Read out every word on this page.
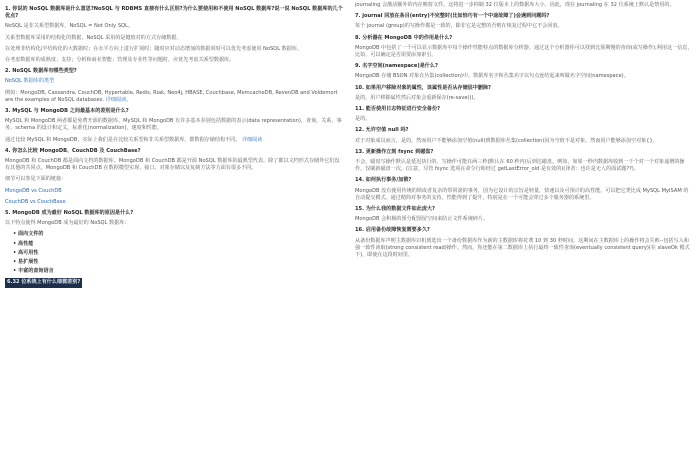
1. 你说的 NoSQL 数据库是什么意思?NoSQL 与 RDBMS 直接有什么区别?为什么要使用和不使用 NoSQL 数据库?说一说 NoSQL 数据库的几个优点?
NoSQL 是非关系型数据库，NoSQL = Not Only SQL。
关系型数据库采用的结构化的数据，NoSQL 采用的是键值对的方式存储数据。
在处理非结构化/半结构化的大数据时；在水平方向上进行扩展时；随时应对动态增加的数据项时可以优先考虑使用 NoSQL 数据库。
在考虑数据库的成熟度；支持；分析和商业智能；管理及专业性等问题时，应优先考虑关系型数据库。
2. NoSQL 数据库有哪些类型?
NoSQL 数据库的类型
例如：MongoDB, Cassandra, CouchDB, Hypertable, Redis, Riak, Neo4j, HBASE, Couchbase, MemcacheDB, RevenDB and Voldemort are the examples of NoSQL databases. 详细阅读。
3. MySQL 与 MongoDB 之间最基本的差别是什么?
MySQL 和 MongoDB 两者都是免费开源的数据库。MySQL 和 MongoDB 有许多基本差别包括数据的表示(data representation)，查询，关系，事务，schema 的设计和定义，标准化(normalization)，速度和性能。
通过比较 MySQL 和 MongoDB，实际上我们是在比较关系型和非关系型数据库，即数据存储结构不同。 详细阅读
4. 你怎么比较 MongoDB、CouchDB 及 CouchBase?
MongoDB 和 CouchDB 都是面向文档的数据库。MongoDB 和 CouchDB 都是开源 NoSQL 数据库的最典型代表。除了都以文档形式存储外它们没有其他的共同点。MongoDB 和 CouchDB 在数据模型实现、接口、对象存储以及复制方法等方面有很多不同。
细节可以参见下面的链接：
MongoDB vs CouchDB
CouchDB vs CouchBase
5. MongoDB 成为最好 NoSQL 数据库的原因是什么?
以下特点使得 MongoDB 成为最好的 NoSQL 数据库：
• 面向文件的
• 高性能
• 高可用性
• 易扩展性
• 丰富的查询语言
6.32 位系统上有什么细微差别?
journaling 会激活额外的内存映射文件。这将进一步抑制 32 位版本上的数据库大小。因此，现在 journaling 在 32 位系统上默认是禁用的。
7. journal 回放在条目(entry)不完整时(比如恰巧有一个中途故障了)会遇到问题吗?
每个 journal (group)的写操作都是一致的，除非它是完整的否则在恢复过程中它不会回放。
8. 分析器在 MongoDB 中的作用是什么?
MongoDB 中包括了一个可以显示数据库中每个操作性能特点的数据库分析器。通过这个分析器你可以找到比预期慢的查询(或写操作);利用这一信息，比如，可以确定是否需要添加索引。
9. 名字空间(namespace)是什么?
MongoDB 存储 BSON 对象在丛集(collection)中。数据库名字和丛集名字以句点连结起来叫做名字空间(namespace)。
10. 如果用户移除对象的属性，该属性是否从存储层中删除?
是的，用户移除属性然后对象会重新保存(re-save())。
11. 能否使用日志特征进行安全备份?
是的。
12. 允许空值 null 吗?
对于对象成员而言，是的。然而用户不能够添加空值(null)到数据库丛集(collection)因为空值不是对象。然而用户能够添加空对象{}。
13. 更新操作立刻 fsync 到磁盘?
不会，磁盘写操作默认是延迟执行的。写操作可能在两三秒(默认在 60 秒内)后到达磁盘。例如，如果一秒内数据库收到一千个对一个对象递增的操作，仅刷新磁盘一次。(注意，尽管 fsync 选项在命令行和经过 getLastError_old 是有效的)(译者：也许是无人的面试题??)。
14. 如何执行事务/加锁?
MongoDB 没有使用传统的锁或者复杂的带回滚的事务，因为它设计的宗旨是轻量，快速以及可预计的高性能。可以把它类比成 MySQL MyISAM 的自动提交模式。通过精简对事务的支持，性能得到了提升，特别是在一个可能会穿过多个服务器的系统里。
15. 为什么我的数据文件如此庞大?
MongoDB 会积极的预分配预留空间来防止文件系统碎片。
16. 启用备份故障恢复需要多久?
从备份数据库声明主数据库宕机到选出一个备份数据库作为新的主数据库将花费 10 到 30 秒时间。这期间在主数据库上的操作将会失败--包括写入和强一致性读取(strong consistent read)操作。然而，你还能在第二数据库上执行最终一致性查询(eventually consistent query)(在 slaveOk 模式下)，即使在这段时间里。
